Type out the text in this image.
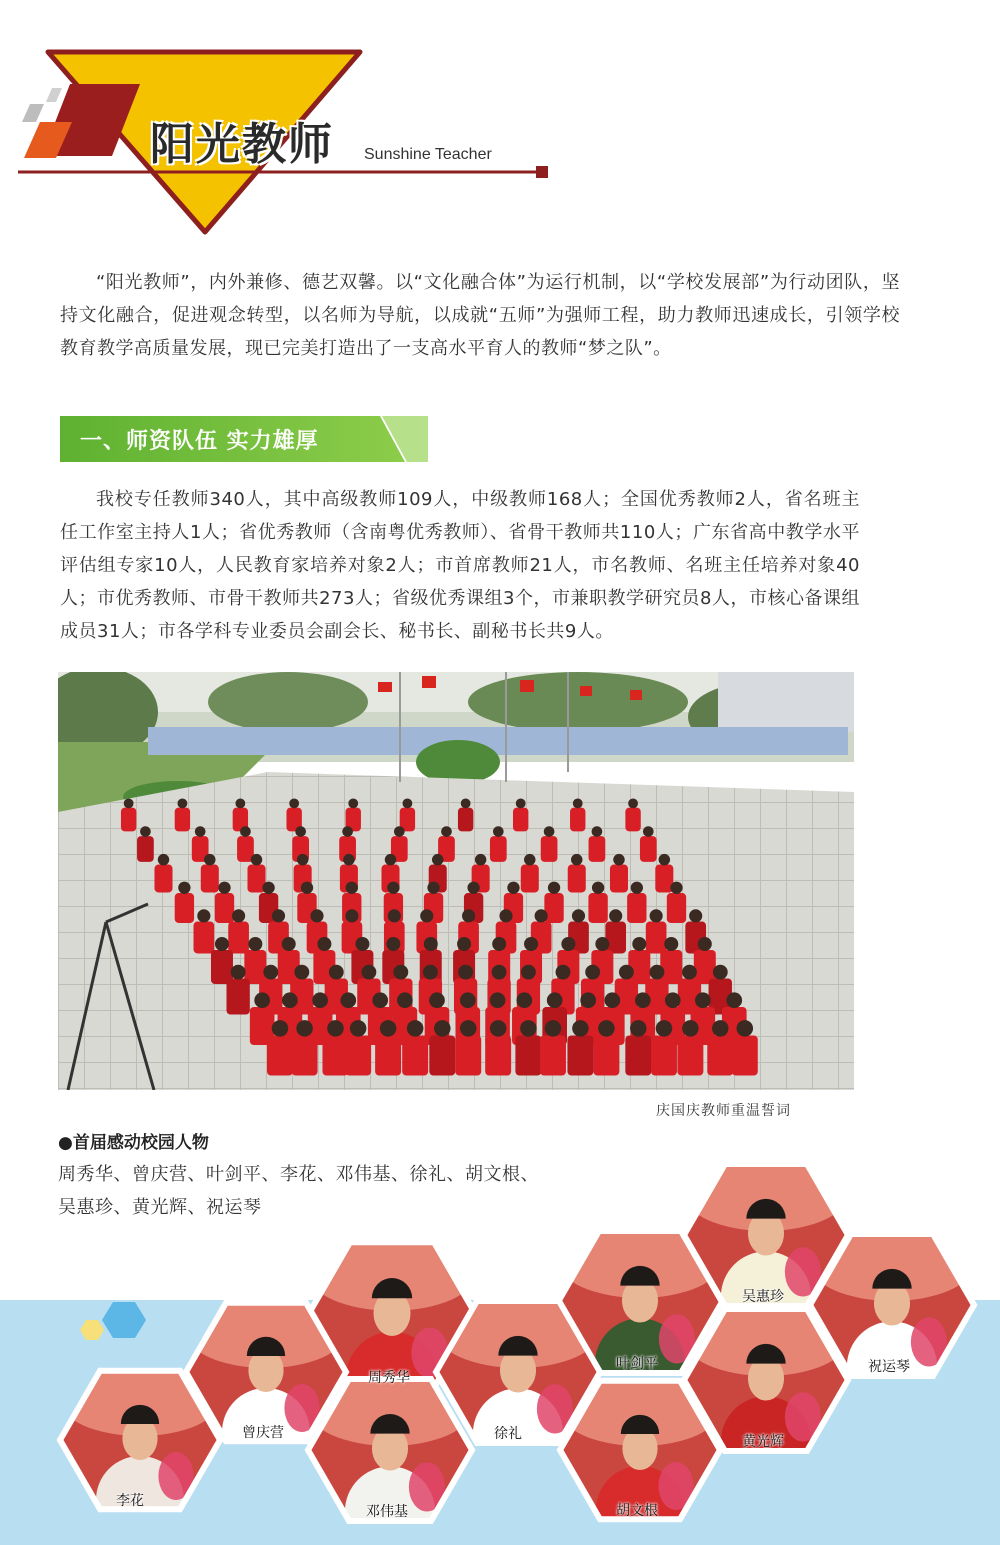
阳光教师 Sunshine Teacher
“阳光教师”，内外兼修、德艺双馨。以“文化融合体”为运行机制，以“学校发展部”为行动团队，坚持文化融合，促进观念转型，以名师为导航，以成就“五师”为强师工程，助力教师迅速成长，引领学校教育教学高质量发展，现已完美打造出了一支高水平育人的教师“梦之队”。
一、师资队伍 实力雄厚
我校专任教师340人，其中高级教师109人，中级教师168人；全国优秀教师2人，省名班主任工作室主持人1人；省优秀教师（含南粤优秀教师）、省骨干教师共110人；广东省高中教学水平评估组专家10人，人民教育家培养对象2人；市首席教师21人，市名教师、名班主任培养对象40人；市优秀教师、市骨干教师共273人；省级优秀课组3个，市兼职教学研究员8人，市核心备课组成员31人；市各学科专业委员会副会长、秘书长、副秘书长共9人。
庆国庆教师重温誓词
●首届感动校园人物
周秀华、曾庆营、叶剑平、李花、邓伟基、徐礼、胡文根、
吴惠珍、黄光辉、祝运琴
周秀华
曾庆营
叶剑平
李花
邓伟基
徐礼
胡文根
吴惠珍
黄光辉
祝运琴
